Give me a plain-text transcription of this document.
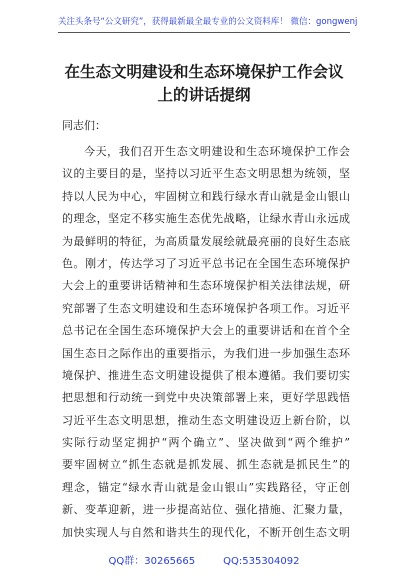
关注头条号“公文研究”，获得最新最全最专业的公文资料库！ 微信：gongwenj
在生态文明建设和生态环境保护工作会议
上的讲话提纲
同志们：
今天，我们召开生态文明建设和生态环境保护工作会
议的主要目的是，坚持以习近平生态文明思想为统领，坚
持以人民为中心，牢固树立和践行绿水青山就是金山银山
的理念，坚定不移实施生态优先战略，让绿水青山永远成
为最鲜明的特征，为高质量发展绘就最亮丽的良好生态底
色。刚才，传达学习了习近平总书记在全国生态环境保护
大会上的重要讲话精神和生态环境保护相关法律法规，研
究部署了生态文明建设和生态环境保护各项工作。习近平
总书记在全国生态环境保护大会上的重要讲话和在首个全
国生态日之际作出的重要指示，为我们进一步加强生态环
境保护、推进生态文明建设提供了根本遵循。我们要切实
把思想和行动统一到党中央决策部署上来，更好学思践悟
习近平生态文明思想，推动生态文明建设迈上新台阶，以
实际行动坚定拥护“两个确立”、坚决做到“两个维护”
要牢固树立“抓生态就是抓发展、抓生态就是抓民生”的
理念，锚定“绿水青山就是金山银山”实践路径，守正创
新、变革迎新，进一步提高站位、强化措施、汇聚力量，
加快实现人与自然和谐共生的现代化，不断开创生态文明
QQ群：30265665	QQ:535304092
